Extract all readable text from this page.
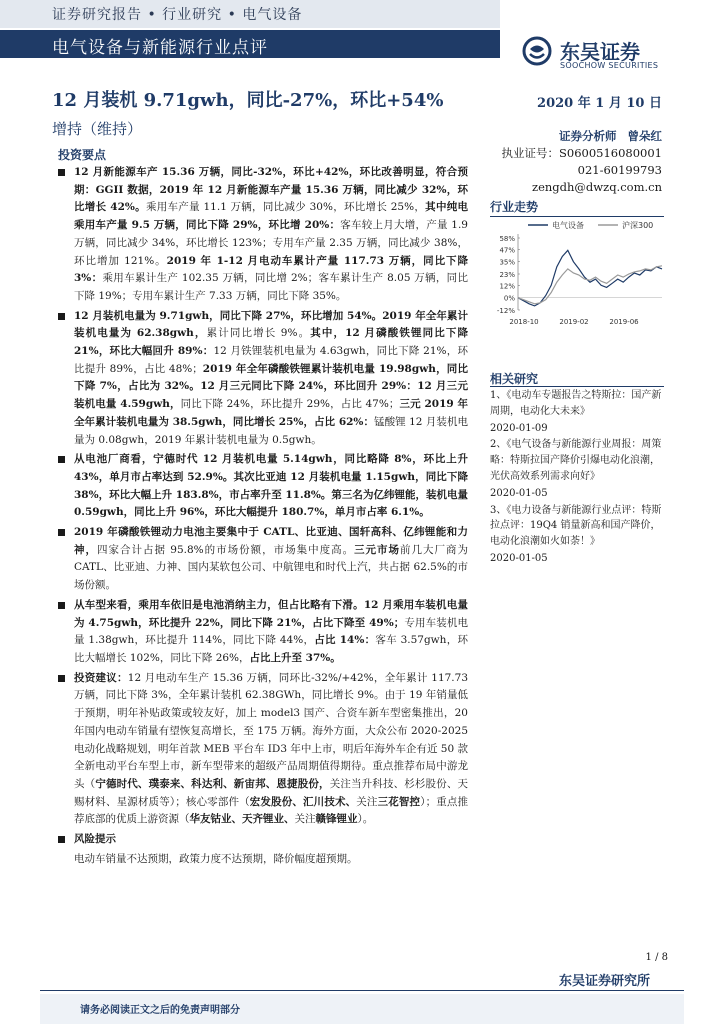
证券研究报告 • 行业研究 • 电气设备
电气设备与新能源行业点评	东吴证券
SOOCHOW SECURITIES
12 月装机 9.71gwh，同比-27%，环比+54%	2020 年 1 月 10 日
增持（维持）
投资要点

12 月新能源车产 15.36 万辆，同比-32%，环比+42%，环比改善明显，符合预期：GGII 数据，2019 年 12 月新能源车产量 15.36 万辆，同比减少 32%，环比增长 42%。乘用车产量 11.1 万辆，同比减少 30%，环比增长 25%，其中纯电乘用车产量 9.5 万辆，同比下降 29%，环比增 20%：客车较上月大增，产量 1.9 万辆，同比减少 34%，环比增长 123%；专用车产量 2.35 万辆，同比减少 38%，环比增加 121%。2019 年 1-12 月电动车累计产量 117.73 万辆，同比下降 3%：乘用车累计生产 102.35 万辆，同比增 2%；客车累计生产 8.05 万辆，同比下降 19%；专用车累计生产 7.33 万辆，同比下降 35%。

12 月装机电量为 9.71gwh，同比下降 27%，环比增加 54%。2019 年全年累计装机电量为 62.38gwh，累计同比增长 9%。其中，12 月磷酸铁锂同比下降 21%，环比大幅回升 89%：12 月铁锂装机电量为 4.63gwh，同比下降 21%，环比提升 89%，占比 48%；2019 年全年磷酸铁锂累计装机电量 19.98gwh，同比下降 7%，占比为 32%。12 月三元同比下降 24%，环比回升 29%：12 月三元装机电量 4.59gwh，同比下降 24%，环比提升 29%，占比 47%；三元 2019 年全年累计装机电量为 38.5gwh，同比增长 25%，占比 62%：锰酸锂 12 月装机电量为 0.08gwh，2019 年累计装机电量为 0.5gwh。

从电池厂商看，宁德时代 12 月装机电量 5.14gwh，同比略降 8%，环比上升 43%，单月市占率达到 52.9%。其次比亚迪 12 月装机电量 1.15gwh，同比下降 38%，环比大幅上升 183.8%，市占率升至 11.8%。第三名为亿纬锂能，装机电量 0.59gwh，同比上升 96%，环比大幅提升 180.7%，单月市占率 6.1%。

2019 年磷酸铁锂动力电池主要集中于 CATL、比亚迪、国轩高科、亿纬锂能和力神，四家合计占据 95.8%的市场份额，市场集中度高。三元市场前几大厂商为 CATL、比亚迪、力神、国内某软包公司、中航锂电和时代上汽，共占据 62.5%的市场份额。

从车型来看，乘用车依旧是电池消纳主力，但占比略有下滑。12 月乘用车装机电量为 4.75gwh，环比提升 22%，同比下降 21%，占比下降至 49%；专用车装机电量 1.38gwh，环比提升 114%，同比下降 44%，占比 14%：客车 3.57gwh，环比大幅增长 102%，同比下降 26%，占比上升至 37%。

投资建议：12 月电动车生产 15.36 万辆，同环比-32%/+42%，全年累计 117.73 万辆，同比下降 3%，全年累计装机 62.38GWh，同比增长 9%。由于 19 年销量低于预期，明年补贴政策或较友好，加上 model3 国产、合资车新车型密集推出，20 年国内电动车销量有望恢复高增长，至 175 万辆。海外方面，大众公布 2020-2025 电动化战略规划，明年首款 MEB 平台车 ID3 年中上市，明后年海外车企有近 50 款全新电动平台车型上市，新车型带来的超级产品周期值得期待。重点推荐布局中游龙头（宁德时代、璞泰来、科达利、新宙邦、恩捷股份，关注当升科技、杉杉股份、天赐材料、星源材质等）；核心零部件（宏发股份、汇川技术、关注三花智控）；重点推荐底部的优质上游资源（华友钴业、天齐锂业、关注赣锋锂业）。

风险提示

电动车销量不达预期，政策力度不达预期，降价幅度超预期。
证券分析师 曾朵红
执业证号：S0600516080001
021-60199793
zengdh@dwzq.com.cn
行业走势
电气设备	沪深300
58%
47%
35%
23%
12%
0%
-12%
2018-10	2019-02	2019-06
相关研究
1、《电动车专题报告之特斯拉：国产新周期，电动化大未来》
2020-01-09
2、《电气设备与新能源行业周报：周策略：特斯拉国产降价引爆电动化浪潮，光伏高效系列需求向好》
2020-01-05
3、《电力设备与新能源行业点评：特斯拉点评：19Q4 销量新高和国产降价，电动化浪潮如火如荼！》
2020-01-05
1 / 8
东吴证券研究所
请务必阅读正文之后的免责声明部分
